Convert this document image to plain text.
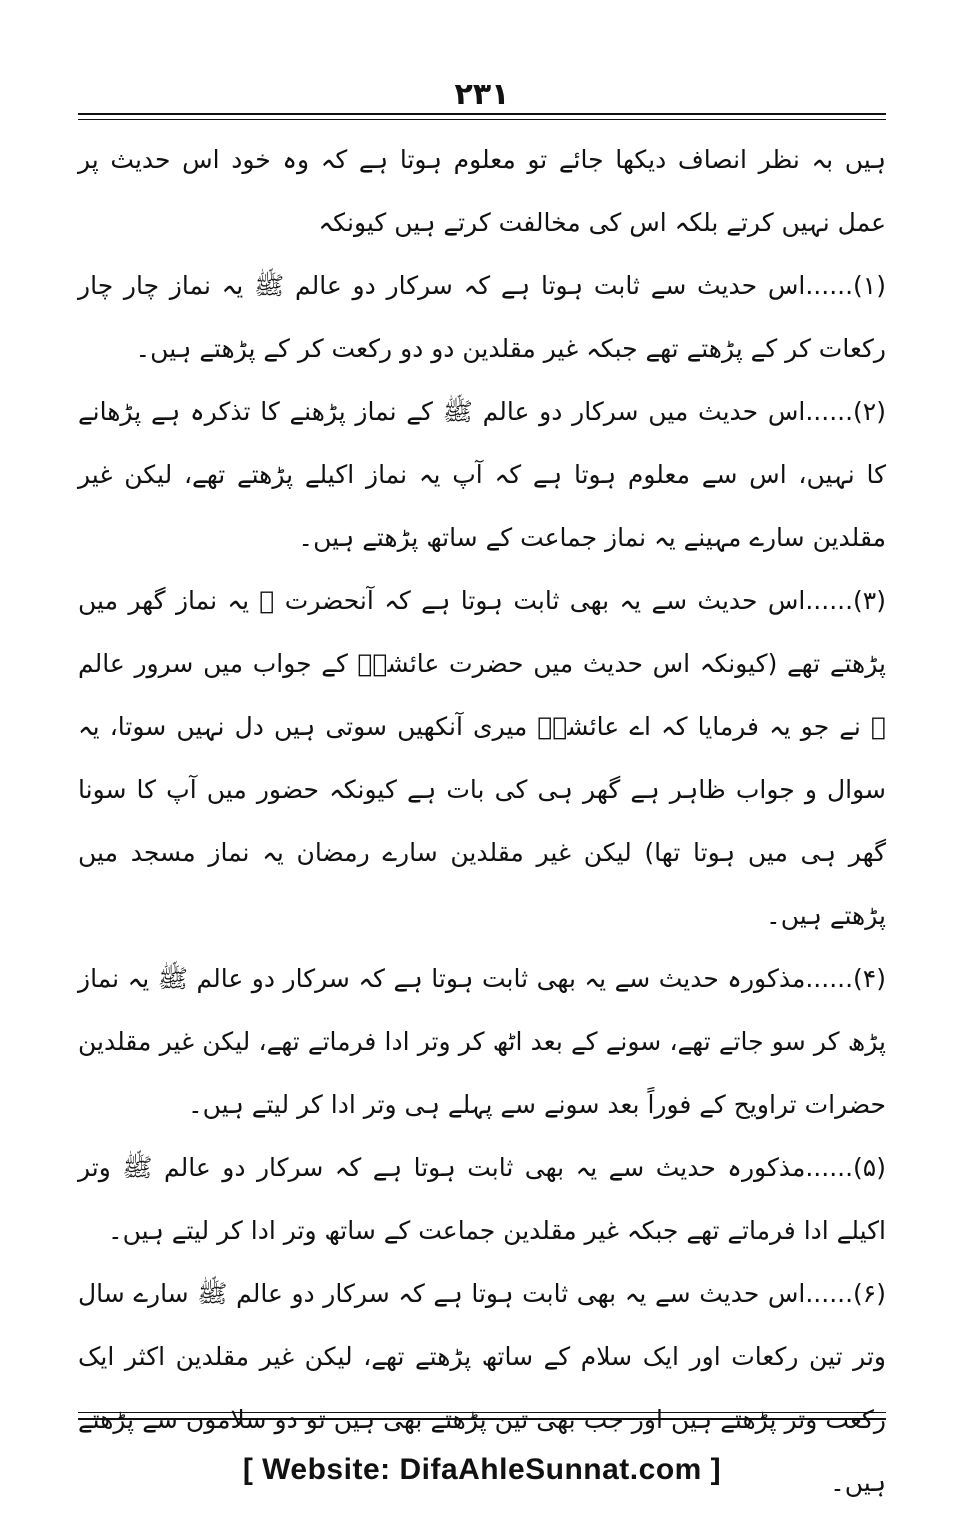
۲۳۱

ہیں بہ نظر انصاف دیکھا جائے تو معلوم ہوتا ہے کہ وہ خود اس حدیث پر عمل نہیں کرتے بلکہ اس کی مخالفت کرتے ہیں کیونکہ

(۱)......اس حدیث سے ثابت ہوتا ہے کہ سرکار دو عالم ﷺ یہ نماز چار چار رکعات کر کے پڑھتے تھے جبکہ غیر مقلدین دو دو رکعت کر کے پڑھتے ہیں۔

(۲)......اس حدیث میں سرکار دو عالم ﷺ کے نماز پڑھنے کا تذکرہ ہے پڑھانے کا نہیں، اس سے معلوم ہوتا ہے کہ آپ یہ نماز اکیلے پڑھتے تھے، لیکن غیر مقلدین سارے مہینے یہ نماز جماعت کے ساتھ پڑھتے ہیں۔

(۳)......اس حدیث سے یہ بھی ثابت ہوتا ہے کہ آنحضرت ﷺ یہ نماز گھر میں پڑھتے تھے (کیونکہ اس حدیث میں حضرت عائشہؓ کے جواب میں سرور عالم ﷺ نے جو یہ فرمایا کہ اے عائشہؓ میری آنکھیں سوتی ہیں دل نہیں سوتا، یہ سوال و جواب ظاہر ہے گھر ہی کی بات ہے کیونکہ حضور میں آپ کا سونا گھر ہی میں ہوتا تھا) لیکن غیر مقلدین سارے رمضان یہ نماز مسجد میں پڑھتے ہیں۔

(۴)......مذکورہ حدیث سے یہ بھی ثابت ہوتا ہے کہ سرکار دو عالم ﷺ یہ نماز پڑھ کر سو جاتے تھے، سونے کے بعد اٹھ کر وتر ادا فرماتے تھے، لیکن غیر مقلدین حضرات تراویح کے فوراً بعد سونے سے پہلے ہی وتر ادا کر لیتے ہیں۔

(۵)......مذکورہ حدیث سے یہ بھی ثابت ہوتا ہے کہ سرکار دو عالم ﷺ وتر اکیلے ادا فرماتے تھے جبکہ غیر مقلدین جماعت کے ساتھ وتر ادا کر لیتے ہیں۔

(۶)......اس حدیث سے یہ بھی ثابت ہوتا ہے کہ سرکار دو عالم ﷺ سارے سال وتر تین رکعات اور ایک سلام کے ساتھ پڑھتے تھے، لیکن غیر مقلدین اکثر ایک رکعت وتر پڑھتے ہیں اور جب بھی تین پڑھتے بھی ہیں تو دو سلاموں سے پڑھتے ہیں۔

[ Website: DifaAhleSunnat.com ]
